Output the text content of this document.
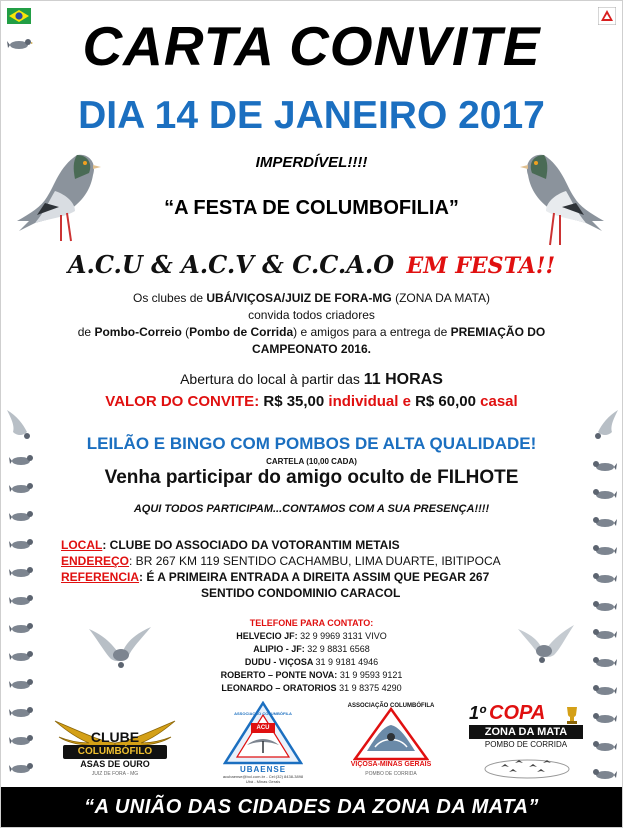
CARTA CONVITE
DIA 14 DE JANEIRO 2017
IMPERDÍVEL!!!!
“A FESTA DE COLUMBOFILIA”
A.C.U & A.C.V & C.C.A.O EM FESTA!!
Os clubes de UBÁ/VIÇOSA/JUIZ DE FORA-MG (ZONA DA MATA)
convida todos criadores
de Pombo-Correio (Pombo de Corrida) e amigos para a entrega de PREMIAÇÃO DO CAMPEONATO 2016.
Abertura do local à partir das 11 HORAS
VALOR DO CONVITE: R$ 35,00 individual e R$ 60,00 casal
LEILÃO E BINGO COM POMBOS DE ALTA QUALIDADE!
CARTELA (10,00 CADA)
Venha participar do amigo oculto de FILHOTE
AQUI TODOS PARTICIPAM...CONTAMOS COM A SUA PRESENÇA!!!!
LOCAL: CLUBE DO ASSOCIADO DA VOTORANTIM METAIS
ENDEREÇO: BR 267 KM 119 SENTIDO CACHAMBU, LIMA DUARTE, IBITIPOCA
REFERENCIA: É A PRIMEIRA ENTRADA A DIREITA ASSIM QUE PEGAR 267
SENTIDO CONDOMINIO CARACOL
TELEFONE PARA CONTATO:
HELVECIO JF: 32 9 9969 3131 VIVO
ALIPIO - JF: 32 9 8831 6568
DUDU - VIÇOSA 31 9 9181 4946
ROBERTO – PONTE NOVA: 31 9 9593 9121
LEONARDO – ORATORIOS 31 9 8375 4290
CLUBE
COLUMBÓFILO
ASAS DE OURO
JUIZ DE FORA - MG
ACU
ASSOCIAÇÃO COLUMBÓFILA
UBAENSE
acubaense@bol.com.br - Cel:(32) 8438-3898
Ubá - Minas Gerais
ASSOCIAÇÃO COLUMBÓFILA
VIÇOSA-MINAS GERAIS
POMBO DE CORRIDA
1º COPA
ZONA DA MATA
POMBO DE CORRIDA
“A UNIÃO DAS CIDADES DA ZONA DA MATA”
